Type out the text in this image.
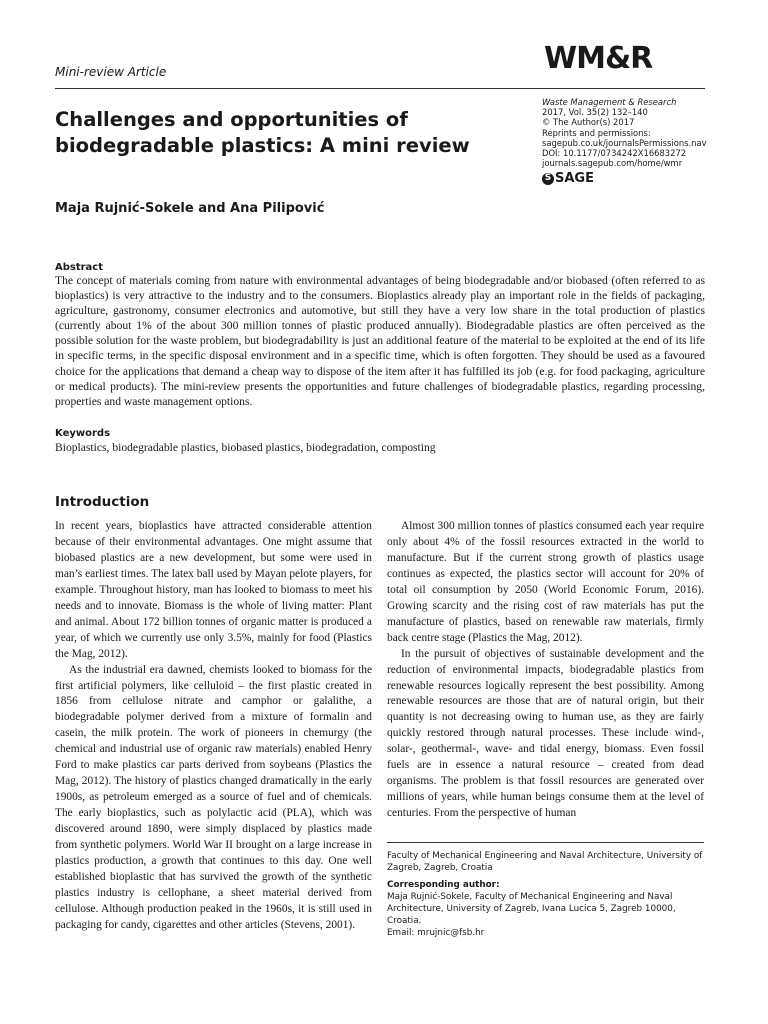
Mini-review Article	WM&R
Waste Management & Research
2017, Vol. 35(2) 132–140
© The Author(s) 2017
Reprints and permissions:
sagepub.co.uk/journalsPermissions.nav
DOI: 10.1177/0734242X16683272
journals.sagepub.com/home/wmr
S SAGE
Challenges and opportunities of biodegradable plastics: A mini review
Maja Rujnić-Sokele and Ana Pilipović
Abstract
The concept of materials coming from nature with environmental advantages of being biodegradable and/or biobased (often referred to as bioplastics) is very attractive to the industry and to the consumers. Bioplastics already play an important role in the fields of packaging, agriculture, gastronomy, consumer electronics and automotive, but still they have a very low share in the total production of plastics (currently about 1% of the about 300 million tonnes of plastic produced annually). Biodegradable plastics are often perceived as the possible solution for the waste problem, but biodegradability is just an additional feature of the material to be exploited at the end of its life in specific terms, in the specific disposal environment and in a specific time, which is often forgotten. They should be used as a favoured choice for the applications that demand a cheap way to dispose of the item after it has fulfilled its job (e.g. for food packaging, agriculture or medical products). The mini-review presents the opportunities and future challenges of biodegradable plastics, regarding processing, properties and waste management options.
Keywords
Bioplastics, biodegradable plastics, biobased plastics, biodegradation, composting
Introduction

In recent years, bioplastics have attracted considerable attention because of their environmental advantages. One might assume that biobased plastics are a new development, but some were used in man’s earliest times. The latex ball used by Mayan pelote players, for example. Throughout history, man has looked to biomass to meet his needs and to innovate. Biomass is the whole of living matter: Plant and animal. About 172 billion tonnes of organic matter is produced a year, of which we currently use only 3.5%, mainly for food (Plastics the Mag, 2012).

As the industrial era dawned, chemists looked to biomass for the first artificial polymers, like celluloid – the first plastic created in 1856 from cellulose nitrate and camphor or galalithe, a biodegradable polymer derived from a mixture of formalin and casein, the milk protein. The work of pioneers in chemurgy (the chemical and industrial use of organic raw materials) enabled Henry Ford to make plastics car parts derived from soybeans (Plastics the Mag, 2012). The history of plastics changed dramatically in the early 1900s, as petroleum emerged as a source of fuel and of chemicals. The early bioplastics, such as polylactic acid (PLA), which was discovered around 1890, were simply displaced by plastics made from synthetic polymers. World War II brought on a large increase in plastics production, a growth that continues to this day. One well established bioplastic that has survived the growth of the synthetic plastics industry is cellophane, a sheet material derived from cellulose. Although production peaked in the 1960s, it is still used in packaging for candy, cigarettes and other articles (Stevens, 2001).

Almost 300 million tonnes of plastics consumed each year require only about 4% of the fossil resources extracted in the world to manufacture. But if the current strong growth of plastics usage continues as expected, the plastics sector will account for 20% of total oil consumption by 2050 (World Economic Forum, 2016). Growing scarcity and the rising cost of raw materials has put the manufacture of plastics, based on renewable raw materials, firmly back centre stage (Plastics the Mag, 2012).

In the pursuit of objectives of sustainable development and the reduction of environmental impacts, biodegradable plastics from renewable resources logically represent the best possibility. Among renewable resources are those that are of natural origin, but their quantity is not decreasing owing to human use, as they are fairly quickly restored through natural processes. These include wind-, solar-, geothermal-, wave- and tidal energy, biomass. Even fossil fuels are in essence a natural resource – created from dead organisms. The problem is that fossil resources are generated over millions of years, while human beings consume them at the level of centuries. From the perspective of human

Faculty of Mechanical Engineering and Naval Architecture, University of Zagreb, Zagreb, Croatia
Corresponding author:
Maja Rujnić-Sokele, Faculty of Mechanical Engineering and Naval Architecture, University of Zagreb, Ivana Lucica 5, Zagreb 10000, Croatia.
Email: mrujnic@fsb.hr
